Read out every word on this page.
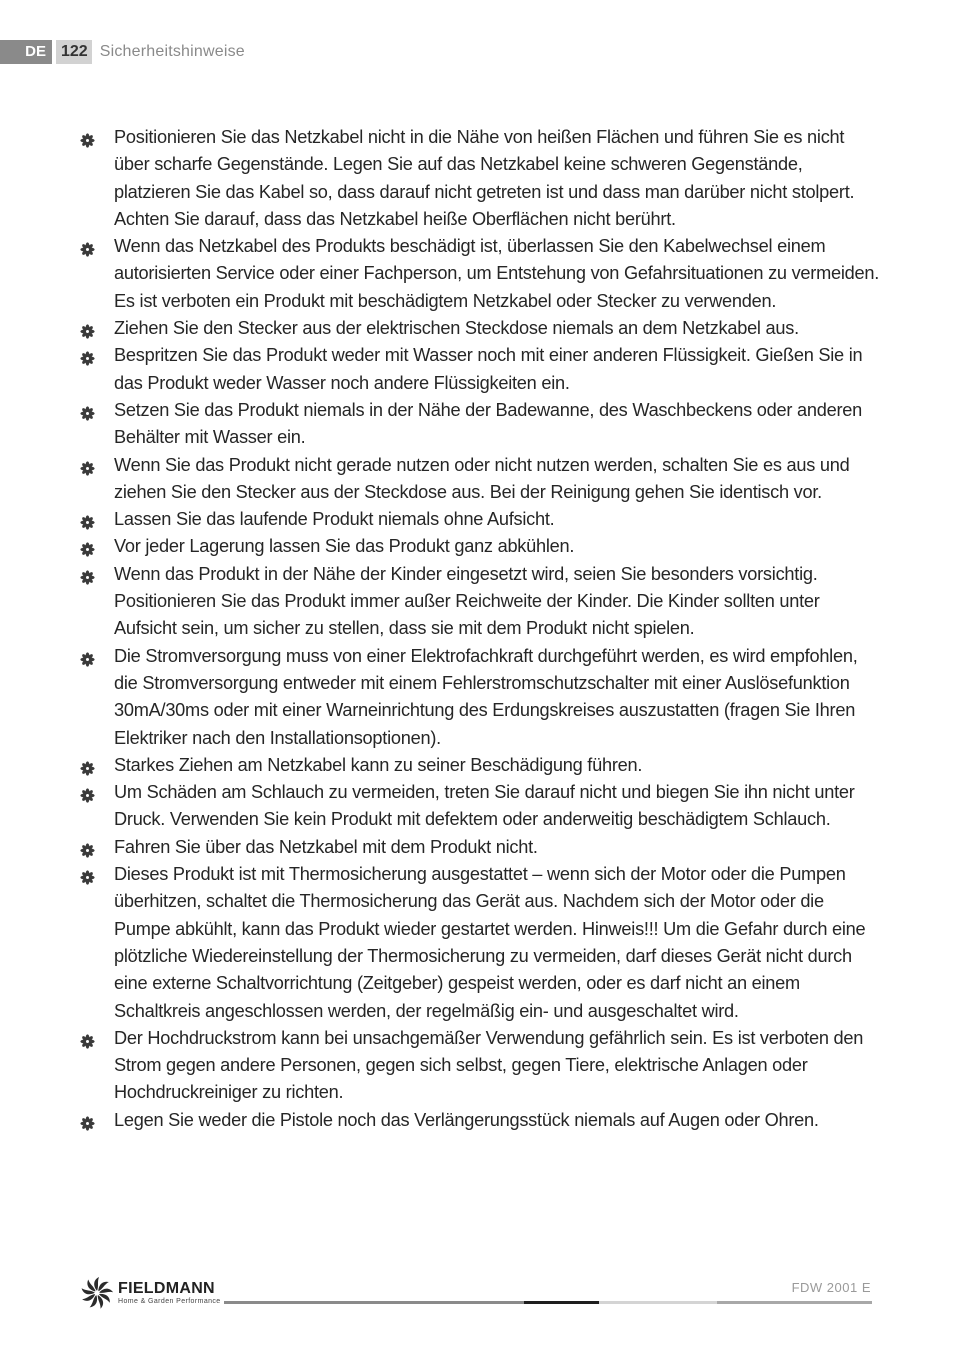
DE 122 Sicherheitshinweise
Positionieren Sie das Netzkabel nicht in die Nähe von heißen Flächen und führen Sie es nicht über scharfe Gegenstände. Legen Sie auf das Netzkabel keine schweren Gegenstände, platzieren Sie das Kabel so, dass darauf nicht getreten ist und dass man darüber nicht stolpert. Achten Sie darauf, dass das Netzkabel heiße Oberflächen nicht berührt.
Wenn das Netzkabel des Produkts beschädigt ist, überlassen Sie den Kabelwechsel einem autorisierten Service oder einer Fachperson, um Entstehung von Gefahrsituationen zu vermeiden. Es ist verboten ein Produkt mit beschädigtem Netzkabel oder Stecker zu verwenden.
Ziehen Sie den Stecker aus der elektrischen Steckdose niemals an dem Netzkabel aus.
Bespritzen Sie das Produkt weder mit Wasser noch mit einer anderen Flüssigkeit. Gießen Sie in das Produkt weder Wasser noch andere Flüssigkeiten ein.
Setzen Sie das Produkt niemals in der Nähe der Badewanne, des Waschbeckens oder anderen Behälter mit Wasser ein.
Wenn Sie das Produkt nicht gerade nutzen oder nicht nutzen werden, schalten Sie es aus und ziehen Sie den Stecker aus der Steckdose aus. Bei der Reinigung gehen Sie identisch vor.
Lassen Sie das laufende Produkt niemals ohne Aufsicht.
Vor jeder Lagerung lassen Sie das Produkt ganz abkühlen.
Wenn das Produkt in der Nähe der Kinder eingesetzt wird, seien Sie besonders vorsichtig. Positionieren Sie das Produkt immer außer Reichweite der Kinder. Die Kinder sollten unter Aufsicht sein, um sicher zu stellen, dass sie mit dem Produkt nicht spielen.
Die Stromversorgung muss von einer Elektrofachkraft durchgeführt werden, es wird empfohlen, die Stromversorgung entweder mit einem Fehlerstromschutzschalter mit einer Auslösefunktion 30mA/30ms oder mit einer Warneinrichtung des Erdungskreises auszustatten (fragen Sie Ihren Elektriker nach den Installationsoptionen).
Starkes Ziehen am Netzkabel kann zu seiner Beschädigung führen.
Um Schäden am Schlauch zu vermeiden, treten Sie darauf nicht und biegen Sie ihn nicht unter Druck. Verwenden Sie kein Produkt mit defektem oder anderweitig beschädigtem Schlauch.
Fahren Sie über das Netzkabel mit dem Produkt nicht.
Dieses Produkt ist mit Thermosicherung ausgestattet – wenn sich der Motor oder die Pumpen überhitzen, schaltet die Thermosicherung das Gerät aus. Nachdem sich der Motor oder die Pumpe abkühlt, kann das Produkt wieder gestartet werden. Hinweis!!! Um die Gefahr durch eine plötzliche Wiedereinstellung der Thermosicherung zu vermeiden, darf dieses Gerät nicht durch eine externe Schaltvorrichtung (Zeitgeber) gespeist werden, oder es darf nicht an einem Schaltkreis angeschlossen werden, der regelmäßig ein- und ausgeschaltet wird.
Der Hochdruckstrom kann bei unsachgemäßer Verwendung gefährlich sein. Es ist verboten den Strom gegen andere Personen, gegen sich selbst, gegen Tiere, elektrische Anlagen oder Hochdruckreiniger zu richten.
Legen Sie weder die Pistole noch das Verlängerungsstück niemals auf Augen oder Ohren.
FIELDMANN
Home & Garden Performance
FDW 2001 E
